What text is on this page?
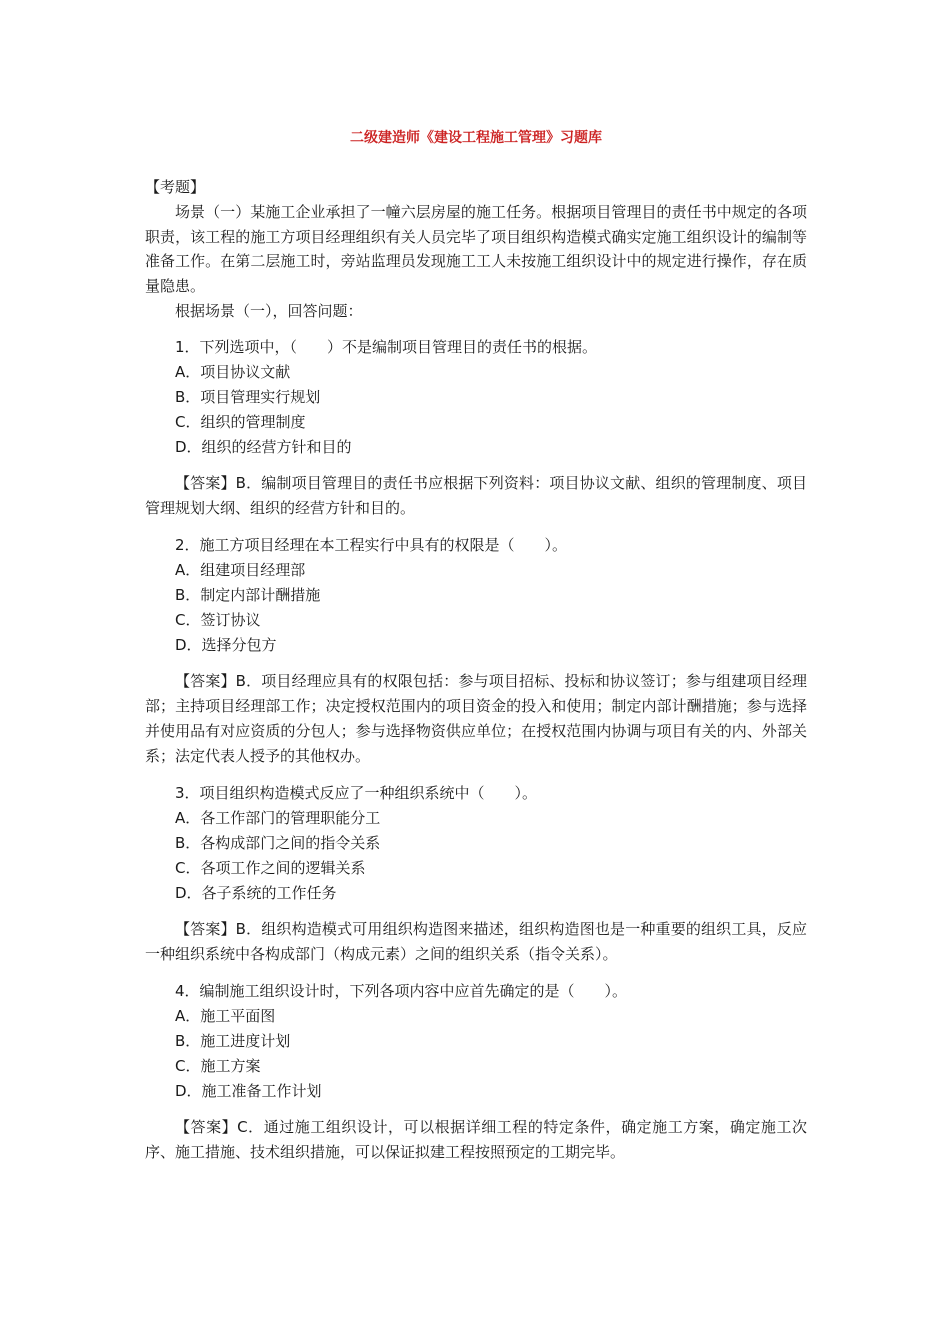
二级建造师《建设工程施工管理》习题库
【考题】

场景（一）某施工企业承担了一幢六层房屋的施工任务。根据项目管理目的责任书中规定的各项职责，该工程的施工方项目经理组织有关人员完毕了项目组织构造模式确实定施工组织设计的编制等准备工作。在第二层施工时，旁站监理员发现施工工人未按施工组织设计中的规定进行操作，存在质量隐患。

根据场景（一），回答问题：

1．下列选项中，（　　）不是编制项目管理目的责任书的根据。
A．项目协议文献
B．项目管理实行规划
C．组织的管理制度
D．组织的经营方针和目的

【答案】B．编制项目管理目的责任书应根据下列资料：项目协议文献、组织的管理制度、项目管理规划大纲、组织的经营方针和目的。

2．施工方项目经理在本工程实行中具有的权限是（　　）。
A．组建项目经理部
B．制定内部计酬措施
C．签订协议
D．选择分包方

【答案】B．项目经理应具有的权限包括：参与项目招标、投标和协议签订；参与组建项目经理部；主持项目经理部工作；决定授权范围内的项目资金的投入和使用；制定内部计酬措施；参与选择并使用品有对应资质的分包人；参与选择物资供应单位；在授权范围内协调与项目有关的内、外部关系；法定代表人授予的其他权办。

3．项目组织构造模式反应了一种组织系统中（　　）。
A．各工作部门的管理职能分工
B．各构成部门之间的指令关系
C．各项工作之间的逻辑关系
D．各子系统的工作任务

【答案】B．组织构造模式可用组织构造图来描述，组织构造图也是一种重要的组织工具，反应一种组织系统中各构成部门（构成元素）之间的组织关系（指令关系）。

4．编制施工组织设计时，下列各项内容中应首先确定的是（　　）。
A．施工平面图
B．施工进度计划
C．施工方案
D．施工准备工作计划

【答案】C．通过施工组织设计，可以根据详细工程的特定条件，确定施工方案，确定施工次序、施工措施、技术组织措施，可以保证拟建工程按照预定的工期完毕。
